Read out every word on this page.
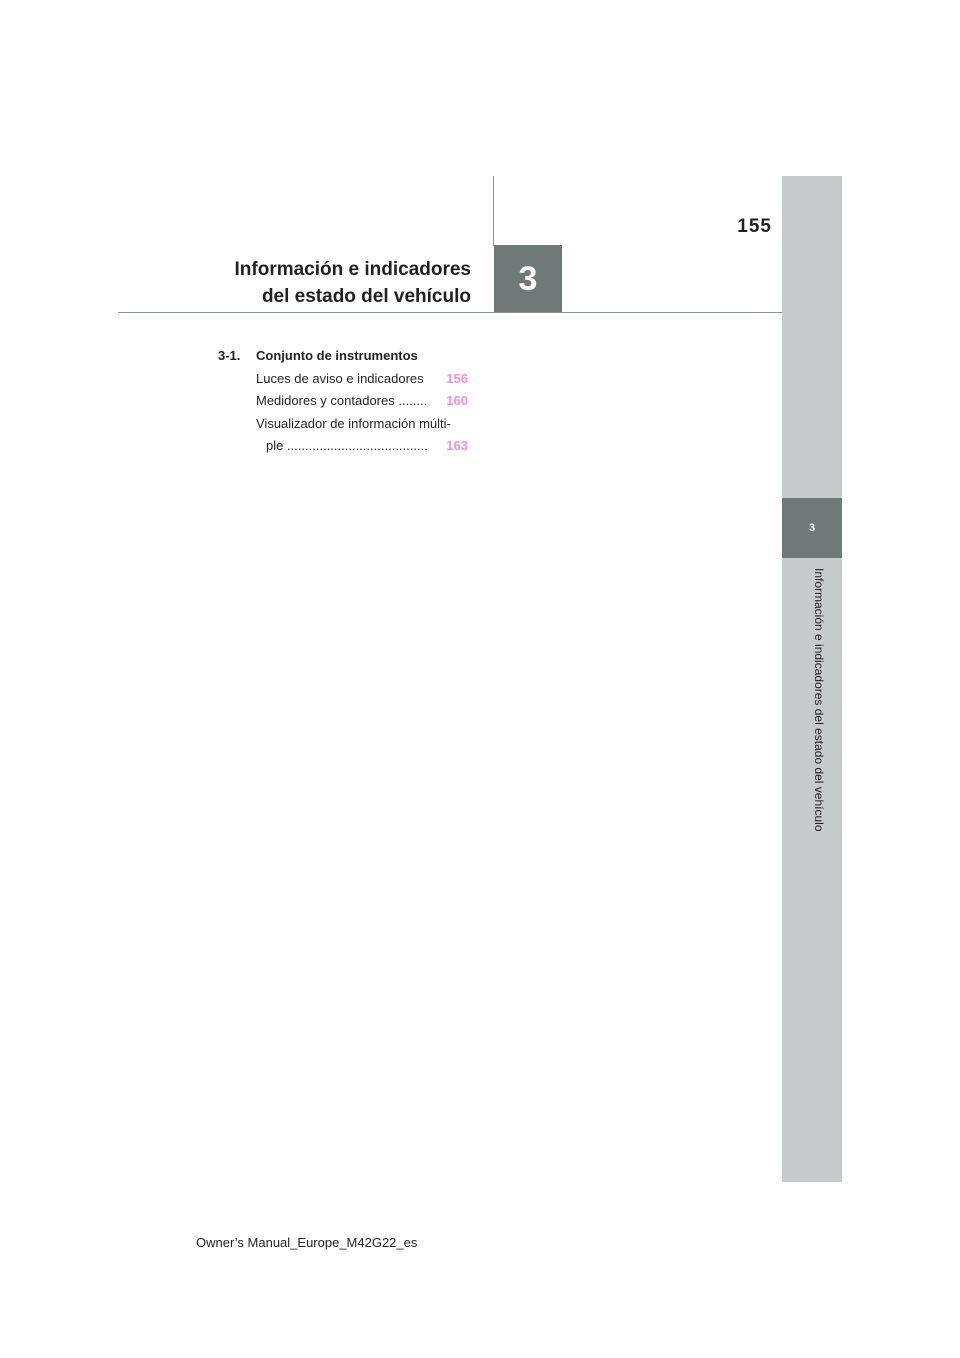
3
Información e indicadores del estado del vehículo
3
155
Información e indicadores
del estado del vehículo
3-1.	Conjunto de instrumentos
Luces de aviso e indicadores 156
Medidores y contadores ........ 160
Visualizador de información múlti-
ple ....................................... 163
Owner’s Manual_Europe_M42G22_es
